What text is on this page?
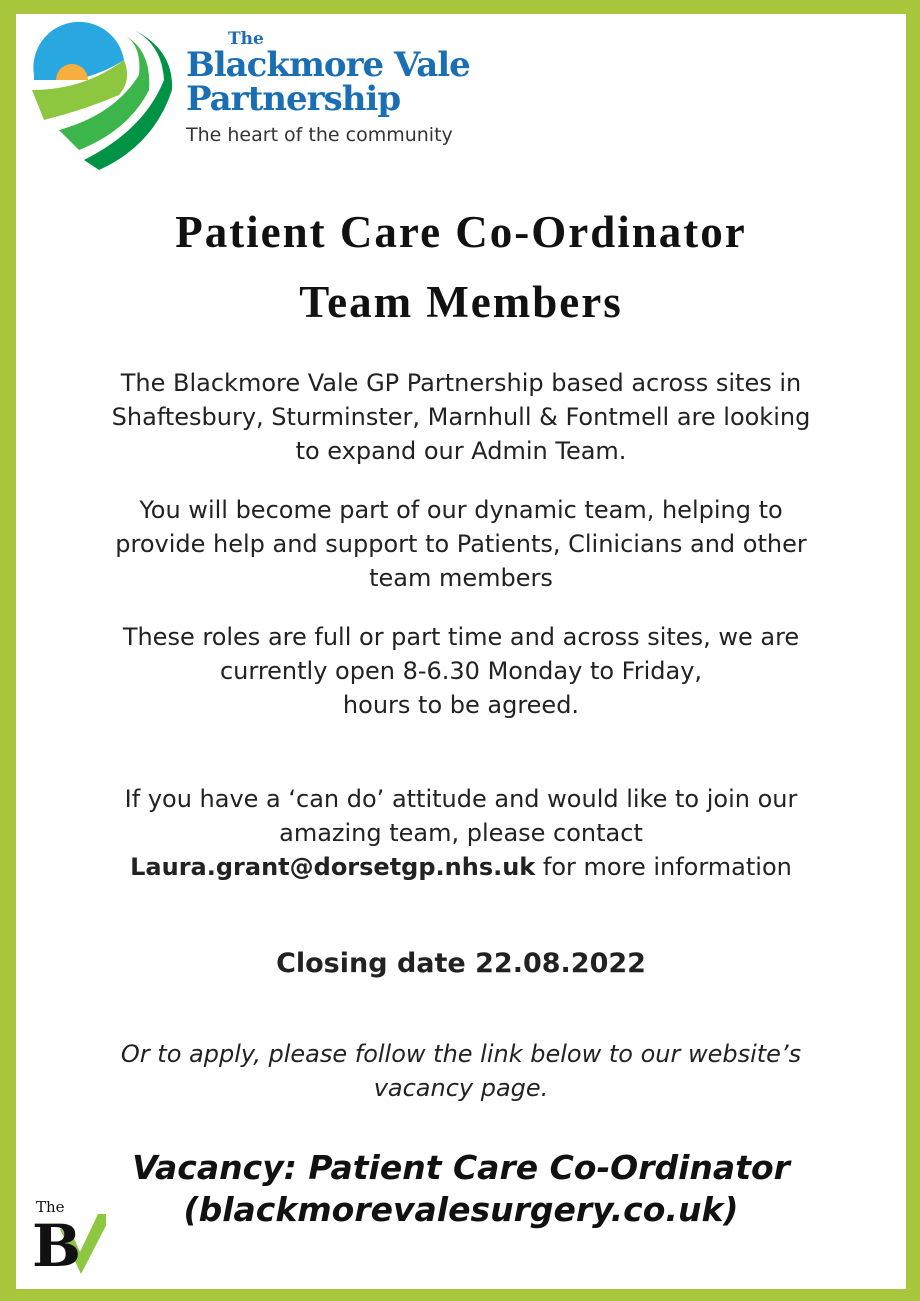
The
Blackmore Vale
Partnership
The heart of the community
Patient Care Co-Ordinator
Team Members
The Blackmore Vale GP Partnership based across sites in
Shaftesbury, Sturminster, Marnhull & Fontmell are looking
to expand our Admin Team.
You will become part of our dynamic team, helping to
provide help and support to Patients, Clinicians and other
team members
These roles are full or part time and across sites, we are
currently open 8-6.30 Monday to Friday,
hours to be agreed.
If you have a ‘can do’ attitude and would like to join our
amazing team, please contact
Laura.grant@dorsetgp.nhs.uk for more information
Closing date 22.08.2022
Or to apply, please follow the link below to our website’s
vacancy page.
Vacancy: Patient Care Co-Ordinator
(blackmorevalesurgery.co.uk)
The
B
